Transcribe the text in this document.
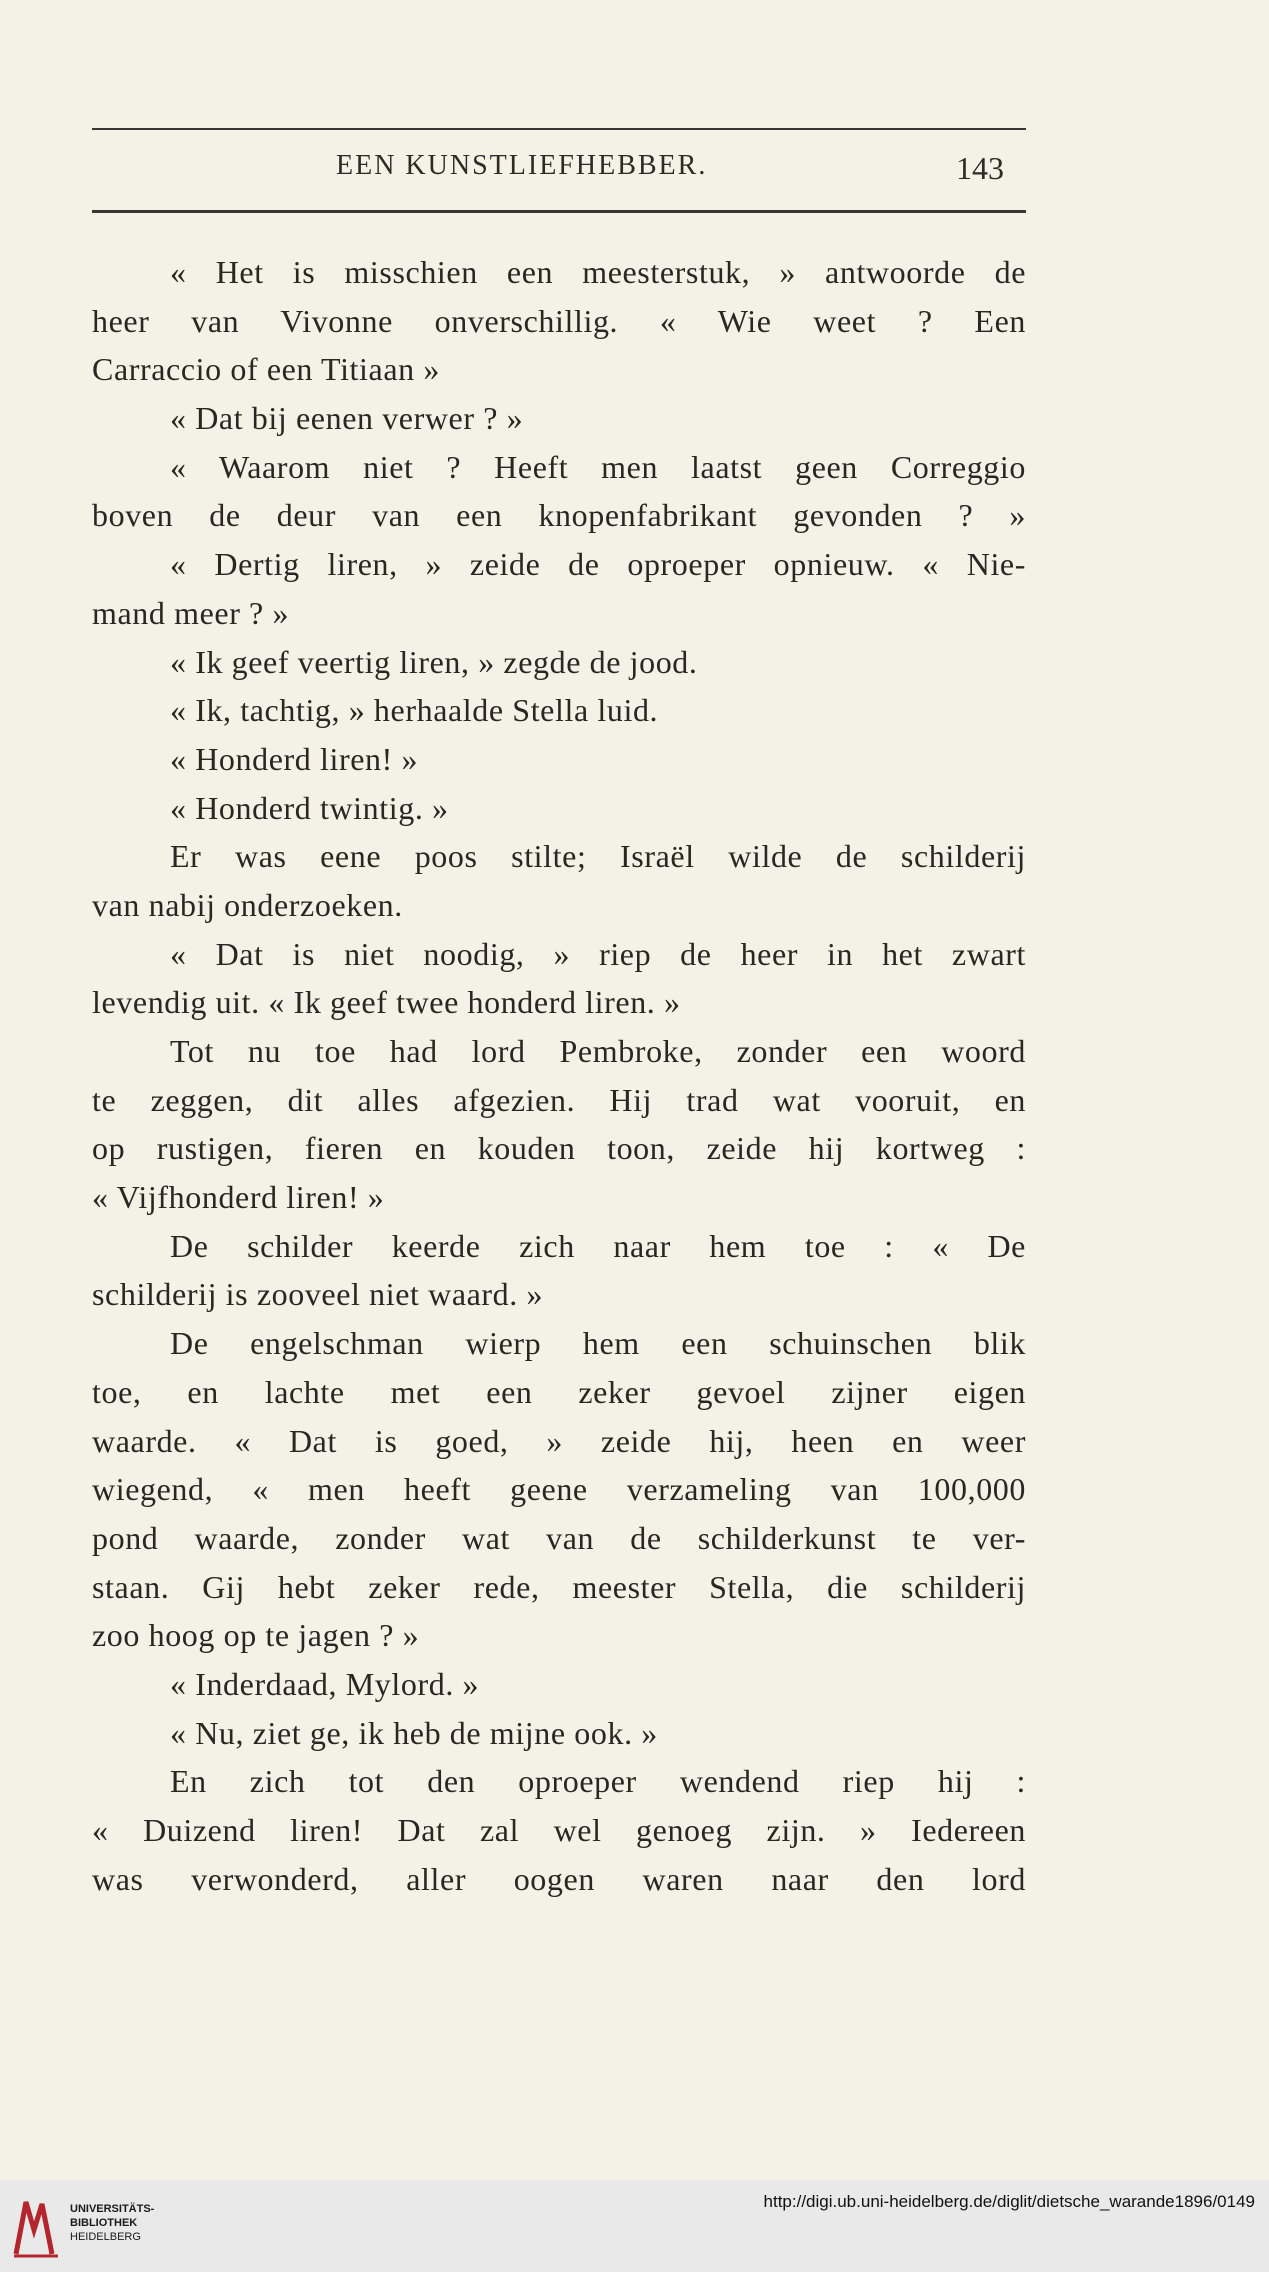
EEN KUNSTLIEFHEBBER.	143
« Het is misschien een meesterstuk, » antwoorde de
heer van Vivonne onverschillig. « Wie weet ? Een
Carraccio of een Titiaan »
« Dat bij eenen verwer ? »
« Waarom niet ? Heeft men laatst geen Correggio
boven de deur van een knopenfabrikant gevonden ? »
« Dertig liren, » zeide de oproeper opnieuw. « Nie-
mand meer ? »
« Ik geef veertig liren, » zegde de jood.
« Ik, tachtig, » herhaalde Stella luid.
« Honderd liren! »
« Honderd twintig. »
Er was eene poos stilte; Israël wilde de schilderij
van nabij onderzoeken.
« Dat is niet noodig, » riep de heer in het zwart
levendig uit. « Ik geef twee honderd liren. »
Tot nu toe had lord Pembroke, zonder een woord
te zeggen, dit alles afgezien. Hij trad wat vooruit, en
op rustigen, fieren en kouden toon, zeide hij kortweg :
« Vijfhonderd liren! »
De schilder keerde zich naar hem toe : « De
schilderij is zooveel niet waard. »
De engelschman wierp hem een schuinschen blik
toe, en lachte met een zeker gevoel zijner eigen
waarde. « Dat is goed, » zeide hij, heen en weer
wiegend, « men heeft geene verzameling van 100,000
pond waarde, zonder wat van de schilderkunst te ver-
staan. Gij hebt zeker rede, meester Stella, die schilderij
zoo hoog op te jagen ? »
« Inderdaad, Mylord. »
« Nu, ziet ge, ik heb de mijne ook. »
En zich tot den oproeper wendend riep hij :
« Duizend liren! Dat zal wel genoeg zijn. » Iedereen
was verwonderd, aller oogen waren naar den lord
UNIVERSITÄTS-
BIBLIOTHEK
HEIDELBERG
http://digi.ub.uni-heidelberg.de/diglit/dietsche_warande1896/0149
